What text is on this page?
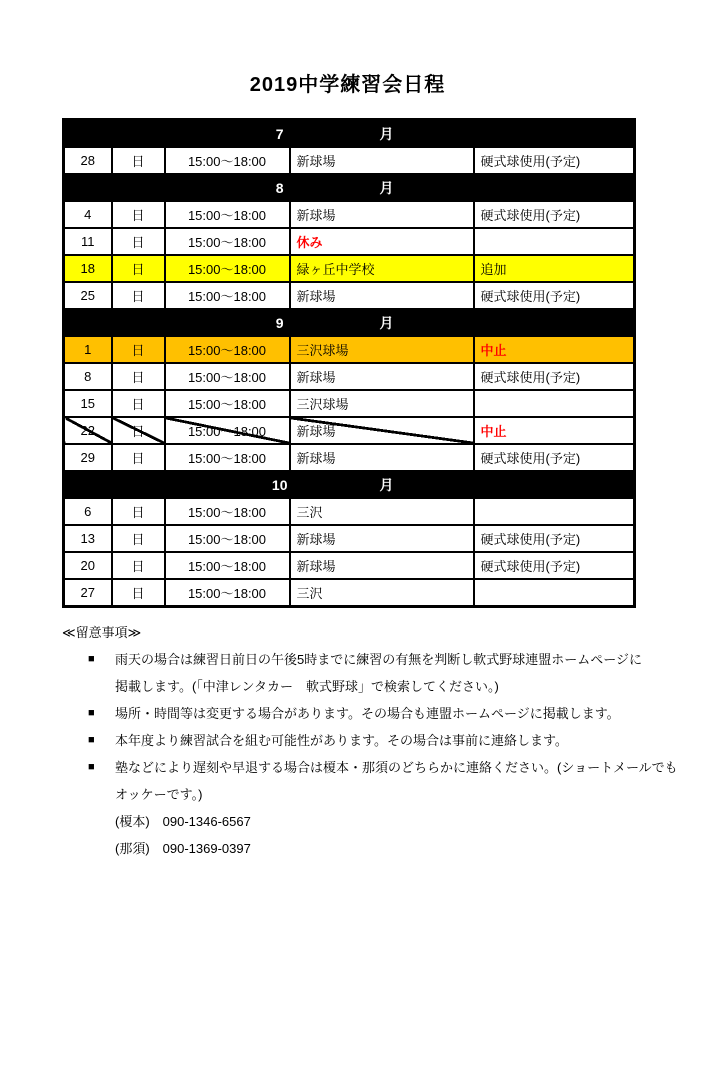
2019中学練習会日程
7 月				

28	日	15:00〜18:00	新球場	硬式球使用(予定)

8 月				

4	日	15:00〜18:00	新球場	硬式球使用(予定)
11	日	15:00〜18:00	休み	
18	日	15:00〜18:00	緑ヶ丘中学校	追加
25	日	15:00〜18:00	新球場	硬式球使用(予定)

9 月				

1	日	15:00〜18:00	三沢球場	中止
8	日	15:00〜18:00	新球場	硬式球使用(予定)
15	日	15:00〜18:00	三沢球場	
22	日	15:00〜18:00	新球場	中止
29	日	15:00〜18:00	新球場	硬式球使用(予定)

10 月				

6	日	15:00〜18:00	三沢	
13	日	15:00〜18:00	新球場	硬式球使用(予定)
20	日	15:00〜18:00	新球場	硬式球使用(予定)
27	日	15:00〜18:00	三沢	
≪留意事項≫
■ 雨天の場合は練習日前日の午後5時までに練習の有無を判断し軟式野球連盟ホームページに
掲載します。(「中津レンタカー　軟式野球」で検索してください。)
■ 場所・時間等は変更する場合があります。その場合も連盟ホームページに掲載します。
■ 本年度より練習試合を組む可能性があります。その場合は事前に連絡します。
■ 塾などにより遅刻や早退する場合は榎本・那須のどちらかに連絡ください。(ショートメールでも
オッケーです。)
(榎本)　090-1346-6567
(那須)　090-1369-0397
